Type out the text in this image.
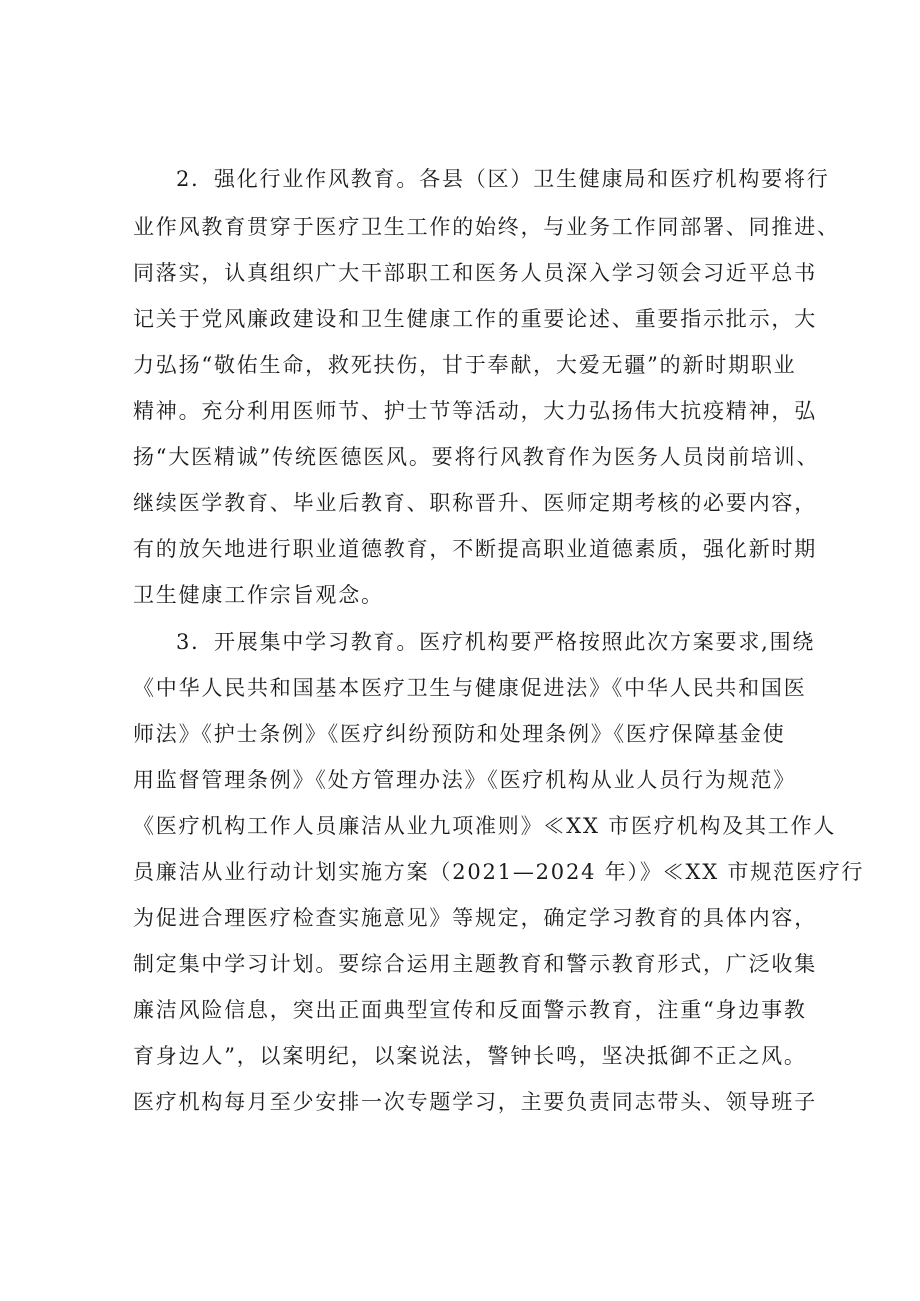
2．强化行业作风教育。各县（区）卫生健康局和医疗机构要将行
业作风教育贯穿于医疗卫生工作的始终，与业务工作同部署、同推进、
同落实，认真组织广大干部职工和医务人员深入学习领会习近平总书
记关于党风廉政建设和卫生健康工作的重要论述、重要指示批示，大
力弘扬“敬佑生命，救死扶伤，甘于奉献，大爱无疆”的新时期职业
精神。充分利用医师节、护士节等活动，大力弘扬伟大抗疫精神，弘
扬“大医精诚”传统医德医风。要将行风教育作为医务人员岗前培训、
继续医学教育、毕业后教育、职称晋升、医师定期考核的必要内容，
有的放矢地进行职业道德教育，不断提高职业道德素质，强化新时期
卫生健康工作宗旨观念。
3．开展集中学习教育。医疗机构要严格按照此次方案要求,围绕
《中华人民共和国基本医疗卫生与健康促进法》《中华人民共和国医
师法》《护士条例》《医疗纠纷预防和处理条例》《医疗保障基金使
用监督管理条例》《处方管理办法》《医疗机构从业人员行为规范》
《医疗机构工作人员廉洁从业九项准则》≪XX 市医疗机构及其工作人
员廉洁从业行动计划实施方案（2021—2024 年）》≪XX 市规范医疗行
为促进合理医疗检查实施意见》等规定，确定学习教育的具体内容，
制定集中学习计划。要综合运用主题教育和警示教育形式，广泛收集
廉洁风险信息，突出正面典型宣传和反面警示教育，注重“身边事教
育身边人”，以案明纪，以案说法，警钟长鸣，坚决抵御不正之风。
医疗机构每月至少安排一次专题学习，主要负责同志带头、领导班子
